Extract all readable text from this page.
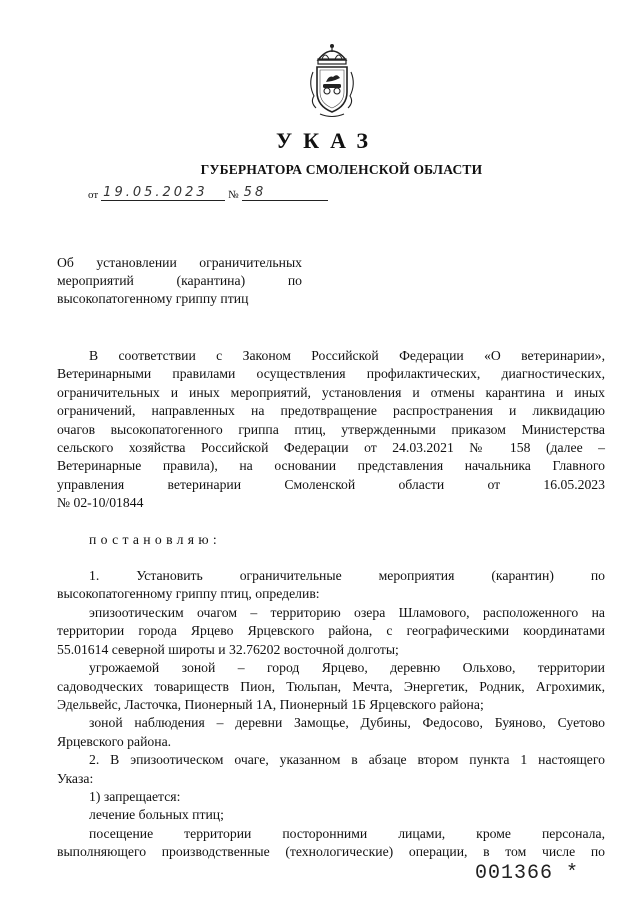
УКАЗ
ГУБЕРНАТОРА СМОЛЕНСКОЙ ОБЛАСТИ
от 19.05.2023 № 58
Об установлении ограничительных
мероприятий (карантина) по
высокопатогенному гриппу птиц
В соответствии с Законом Российской Федерации «О ветеринарии»,
Ветеринарными правилами осуществления профилактических, диагностических,
ограничительных и иных мероприятий, установления и отмены карантина и иных
ограничений, направленных на предотвращение распространения и ликвидацию
очагов высокопатогенного гриппа птиц, утвержденными приказом Министерства
сельского хозяйства Российской Федерации от 24.03.2021 № 158 (далее –
Ветеринарные правила), на основании представления начальника Главного
управления ветеринарии Смоленской области от 16.05.2023
№ 02-10/01844
постановляю:
1. Установить ограничительные мероприятия (карантин) по
высокопатогенному гриппу птиц, определив:
эпизоотическим очагом – территорию озера Шламового, расположенного на
территории города Ярцево Ярцевского района, с географическими координатами
55.01614 северной широты и 32.76202 восточной долготы;
угрожаемой зоной – город Ярцево, деревню Ольхово, территории
садоводческих товариществ Пион, Тюльпан, Мечта, Энергетик, Родник, Агрохимик,
Эдельвейс, Ласточка, Пионерный 1А, Пионерный 1Б Ярцевского района;
зоной наблюдения – деревни Замощье, Дубины, Федосово, Буяново, Суетово
Ярцевского района.
2. В эпизоотическом очаге, указанном в абзаце втором пункта 1 настоящего
Указа:
1) запрещается:
лечение больных птиц;
посещение территории посторонними лицами, кроме персонала,
выполняющего производственные (технологические) операции, в том числе по
001366 *
